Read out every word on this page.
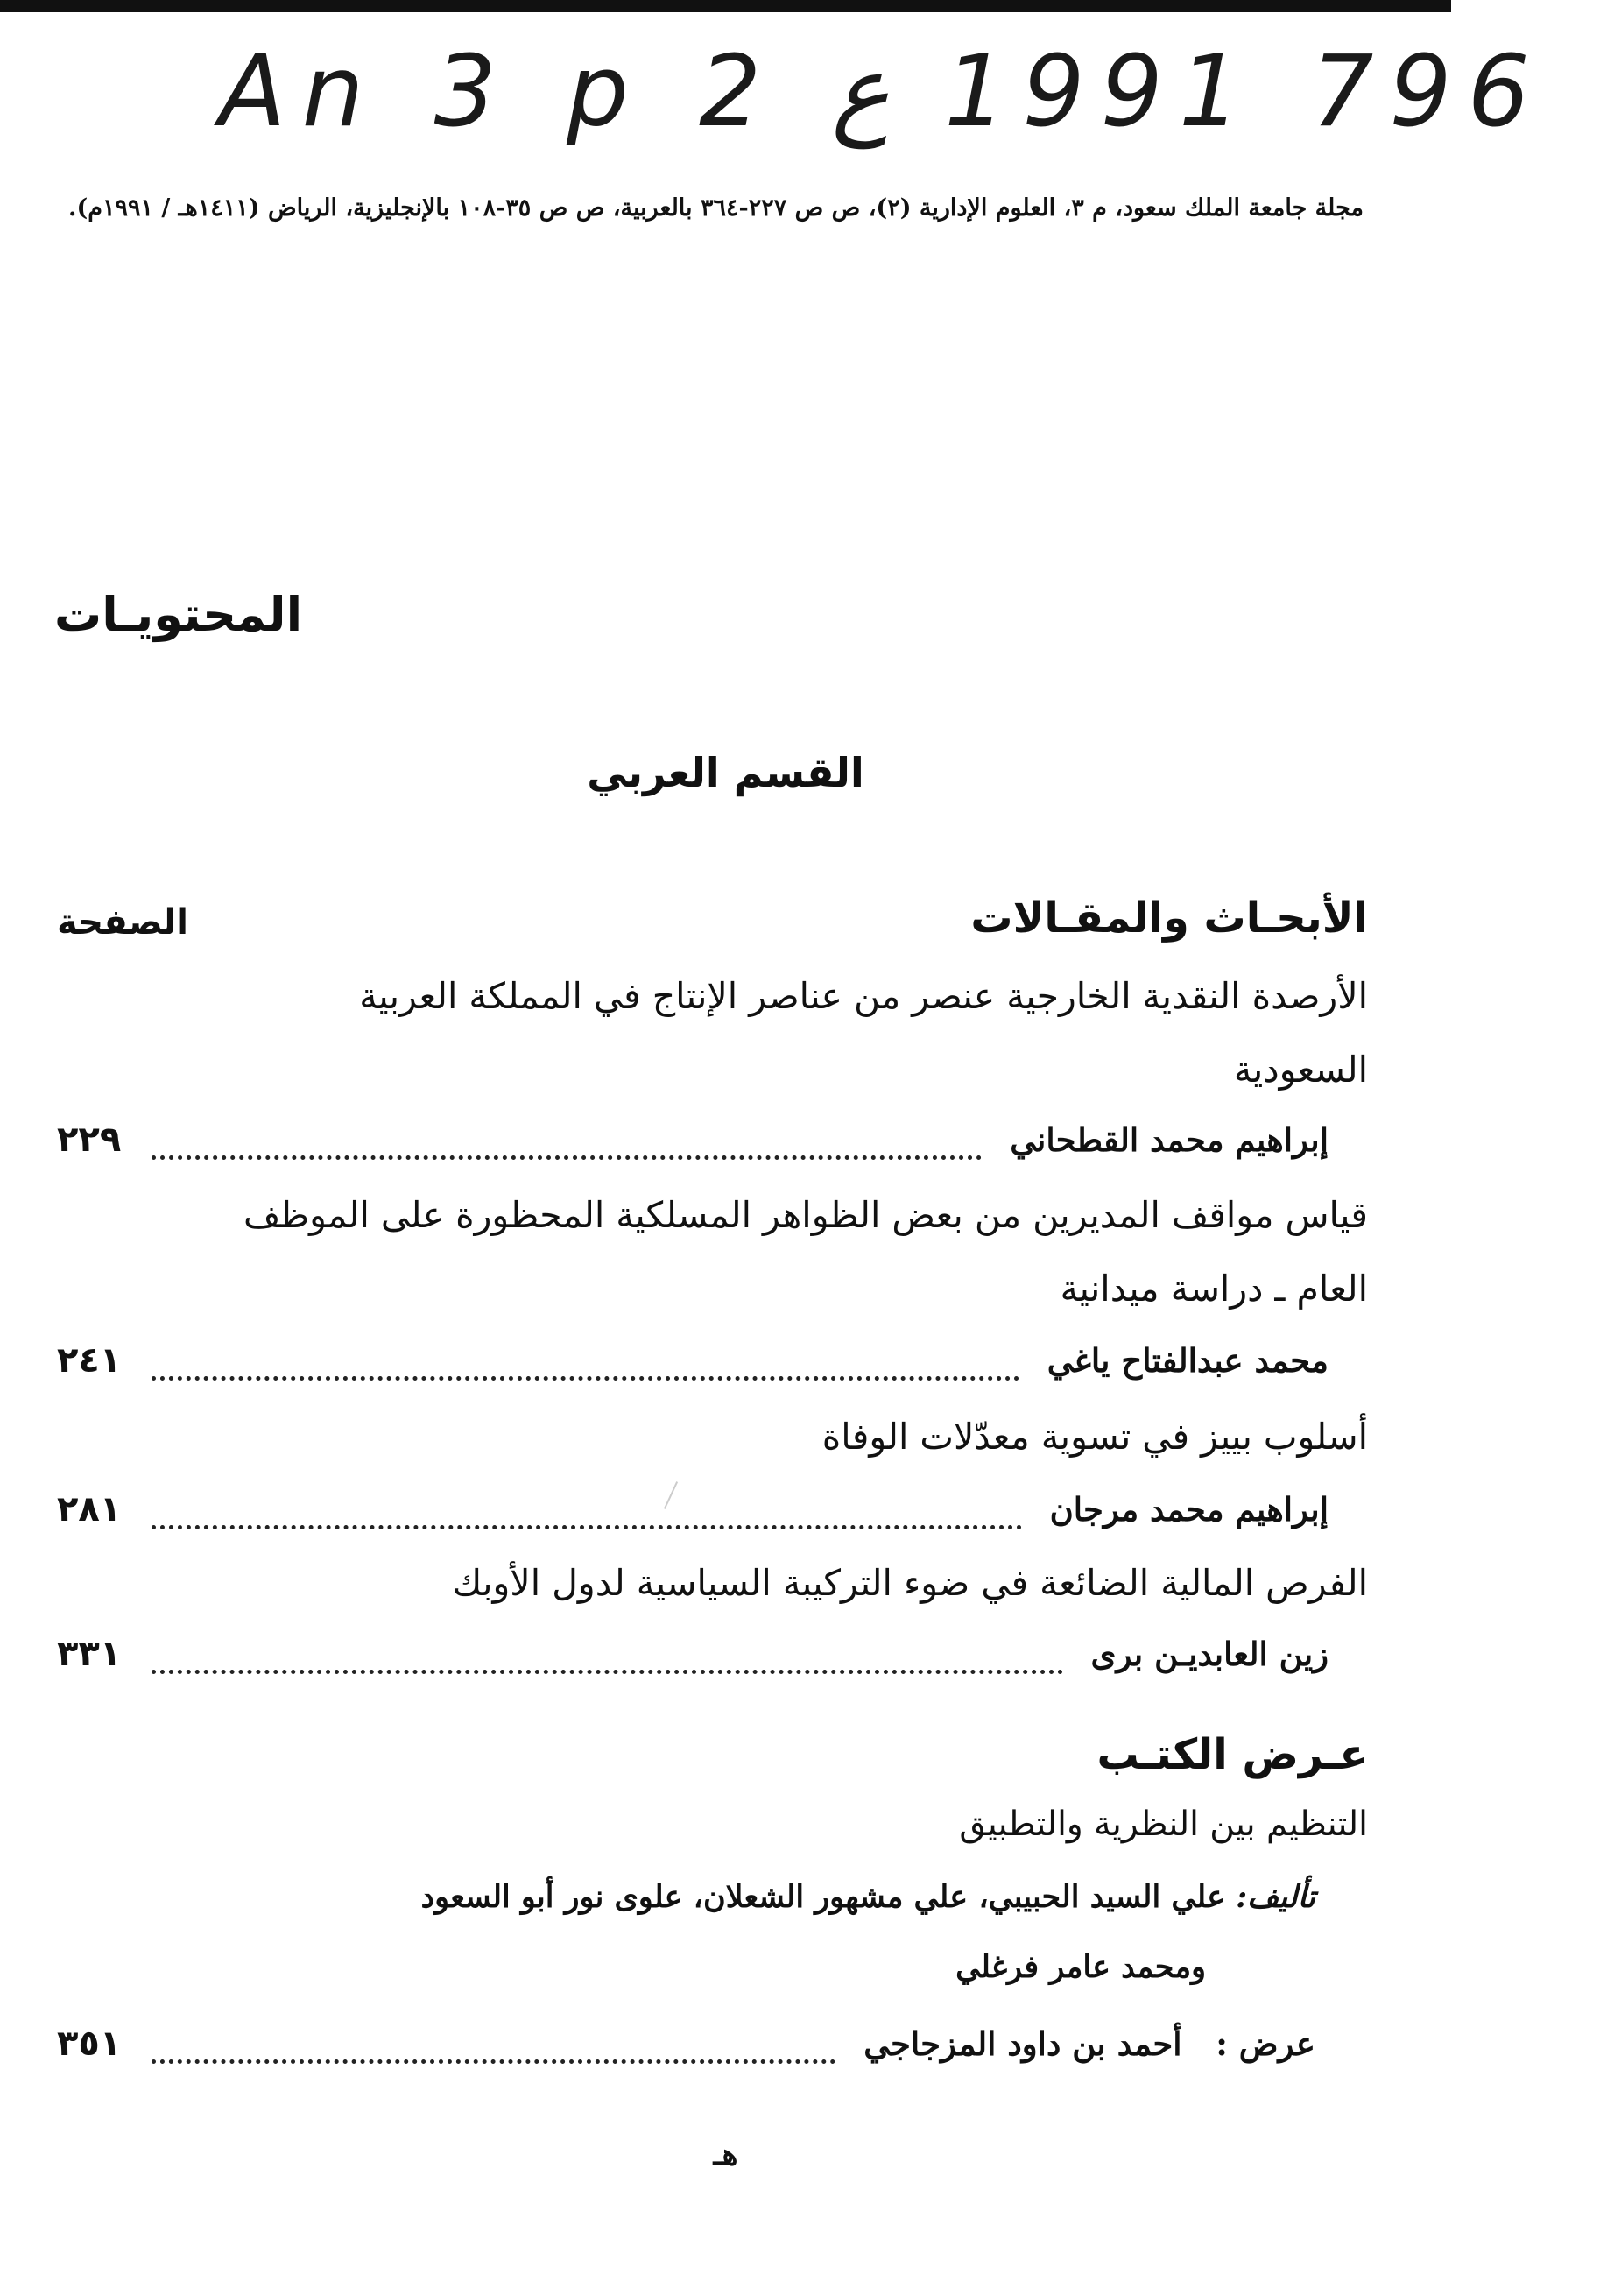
An 3 p 2 ع 1991 796
مجلة جامعة الملك سعود، م ٣، العلوم الإدارية (٢)، ص ص ٢٢٧-٣٦٤ بالعربية، ص ص ٣٥-١٠٨ بالإنجليزية، الرياض (١٤١١هـ / ١٩٩١م).
المحتويـات
القسم العربي
الأبحـاث والمقـالات
الصفحة
الأرصدة النقدية الخارجية عنصر من عناصر الإنتاج في المملكة العربية
السعودية
إبراهيم محمد القطحاني
٢٢٩
قياس مواقف المديرين من بعض الظواهر المسلكية المحظورة على الموظف
العام ـ دراسة ميدانية
محمد عبدالفتاح ياغي
٢٤١
أسلوب بييز في تسوية معدّلات الوفاة
إبراهيم محمد مرجان
٢٨١
الفرص المالية الضائعة في ضوء التركيبة السياسية لدول الأوبك
زين العابديـن برى
٣٣١
عـرض الكتـب
التنظيم بين النظرية والتطبيق
تأليف: علي السيد الحبيبي، علي مشهور الشعلان، علوى نور أبو السعود
ومحمد عامر فرغلي
عرض :   أحمد بن داود المزجاجي
٣٥١
هـ
